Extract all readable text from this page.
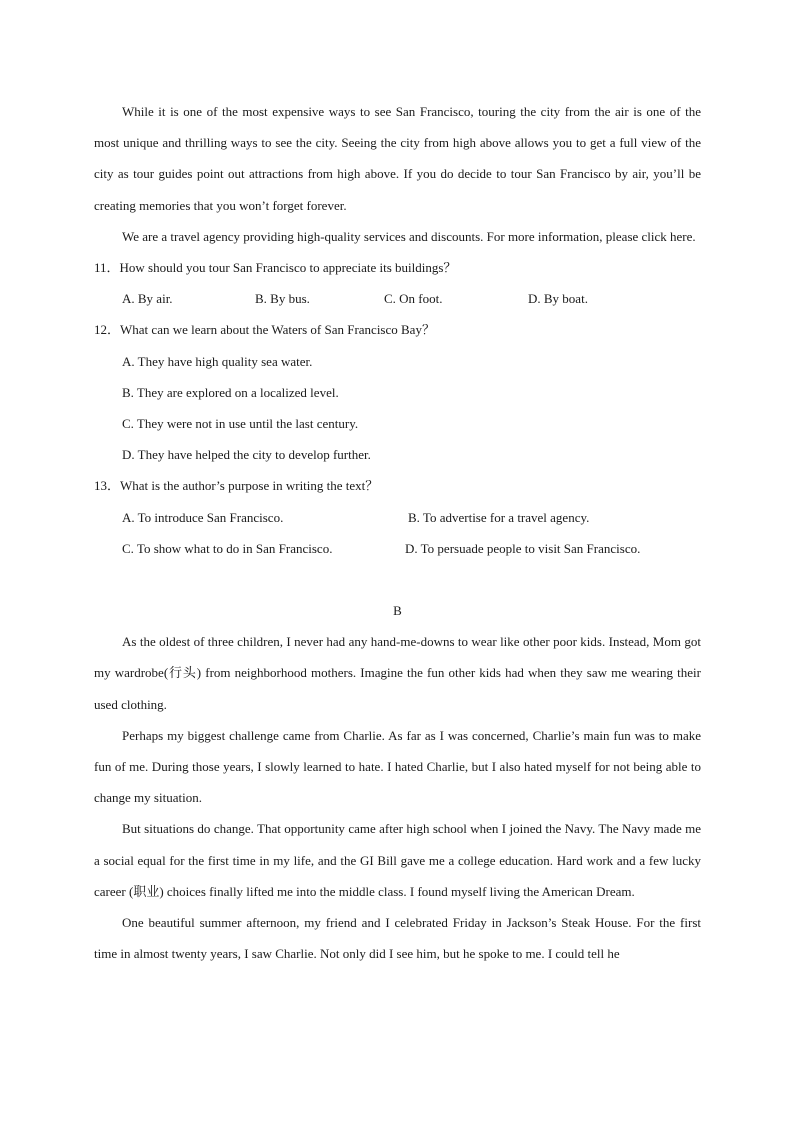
While it is one of the most expensive ways to see San Francisco, touring the city from the air is one of the most unique and thrilling ways to see the city. Seeing the city from high above allows you to get a full view of the city as tour guides point out attractions from high above. If you do decide to tour San Francisco by air, you’ll be creating memories that you won’t forget forever.

We are a travel agency providing high-quality services and discounts. For more information, please click here.

11．How should you tour San Francisco to appreciate its buildings？

A. By air.	B. By bus.	C. On foot.	D. By boat.

12．What can we learn about the Waters of San Francisco Bay？

A. They have high quality sea water.

B. They are explored on a localized level.

C. They were not in use until the last century.

D. They have helped the city to develop further.

13．What is the author’s purpose in writing the text？

A. To introduce San Francisco.	B. To advertise for a travel agency.
C. To show what to do in San Francisco.	D. To persuade people to visit San Francisco.

B

As the oldest of three children, I never had any hand-me-downs to wear like other poor kids. Instead, Mom got my wardrobe(行头) from neighborhood mothers. Imagine the fun other kids had when they saw me wearing their used clothing.

Perhaps my biggest challenge came from Charlie. As far as I was concerned, Charlie’s main fun was to make fun of me. During those years, I slowly learned to hate. I hated Charlie, but I also hated myself for not being able to change my situation.

But situations do change. That opportunity came after high school when I joined the Navy. The Navy made me a social equal for the first time in my life, and the GI Bill gave me a college education. Hard work and a few lucky career (职业) choices finally lifted me into the middle class. I found myself living the American Dream.

One beautiful summer afternoon, my friend and I celebrated Friday in Jackson’s Steak House. For the first time in almost twenty years, I saw Charlie. Not only did I see him, but he spoke to me. I could tell he
